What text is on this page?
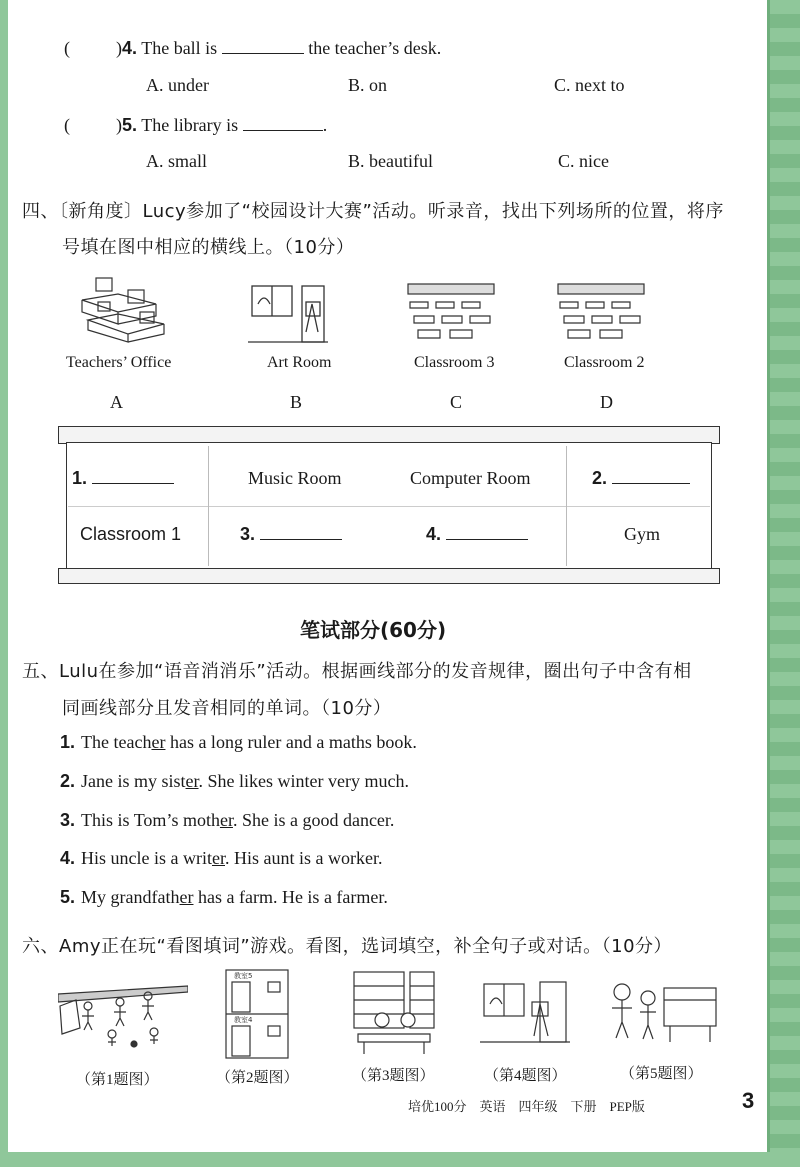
(	)4. The ball is	the teacher’s desk.
A. under	B. on	C. next to
(	)5. The library is	.
A. small	B. beautiful	C. nice
四、〔新角度〕Lucy参加了“校园设计大赛”活动。听录音，找出下列场所的位置，将序
号填在图中相应的横线上。（10分）
Teachers’ Office
A
Art Room
B
Classroom 3
C
Classroom 2
D
1.	Music Room	Computer Room	2.
Classroom 1	3.	4.	Gym
笔试部分(60分)
五、Lulu在参加“语音消消乐”活动。根据画线部分的发音规律，圈出句子中含有相
同画线部分且发音相同的单词。（10分）
1. The teacher has a long ruler and a maths book.
2. Jane is my sister. She likes winter very much.
3. This is Tom’s mother. She is a good dancer.
4. His uncle is a writer. His aunt is a worker.
5. My grandfather has a farm. He is a farmer.
六、Amy正在玩“看图填词”游戏。看图，选词填空，补全句子或对话。（10分）
（第1题图）
教室5
教室4
（第2题图）	（第3题图）	（第4题图）	（第5题图）
培优100分　英语　四年级　下册　PEP版	3
